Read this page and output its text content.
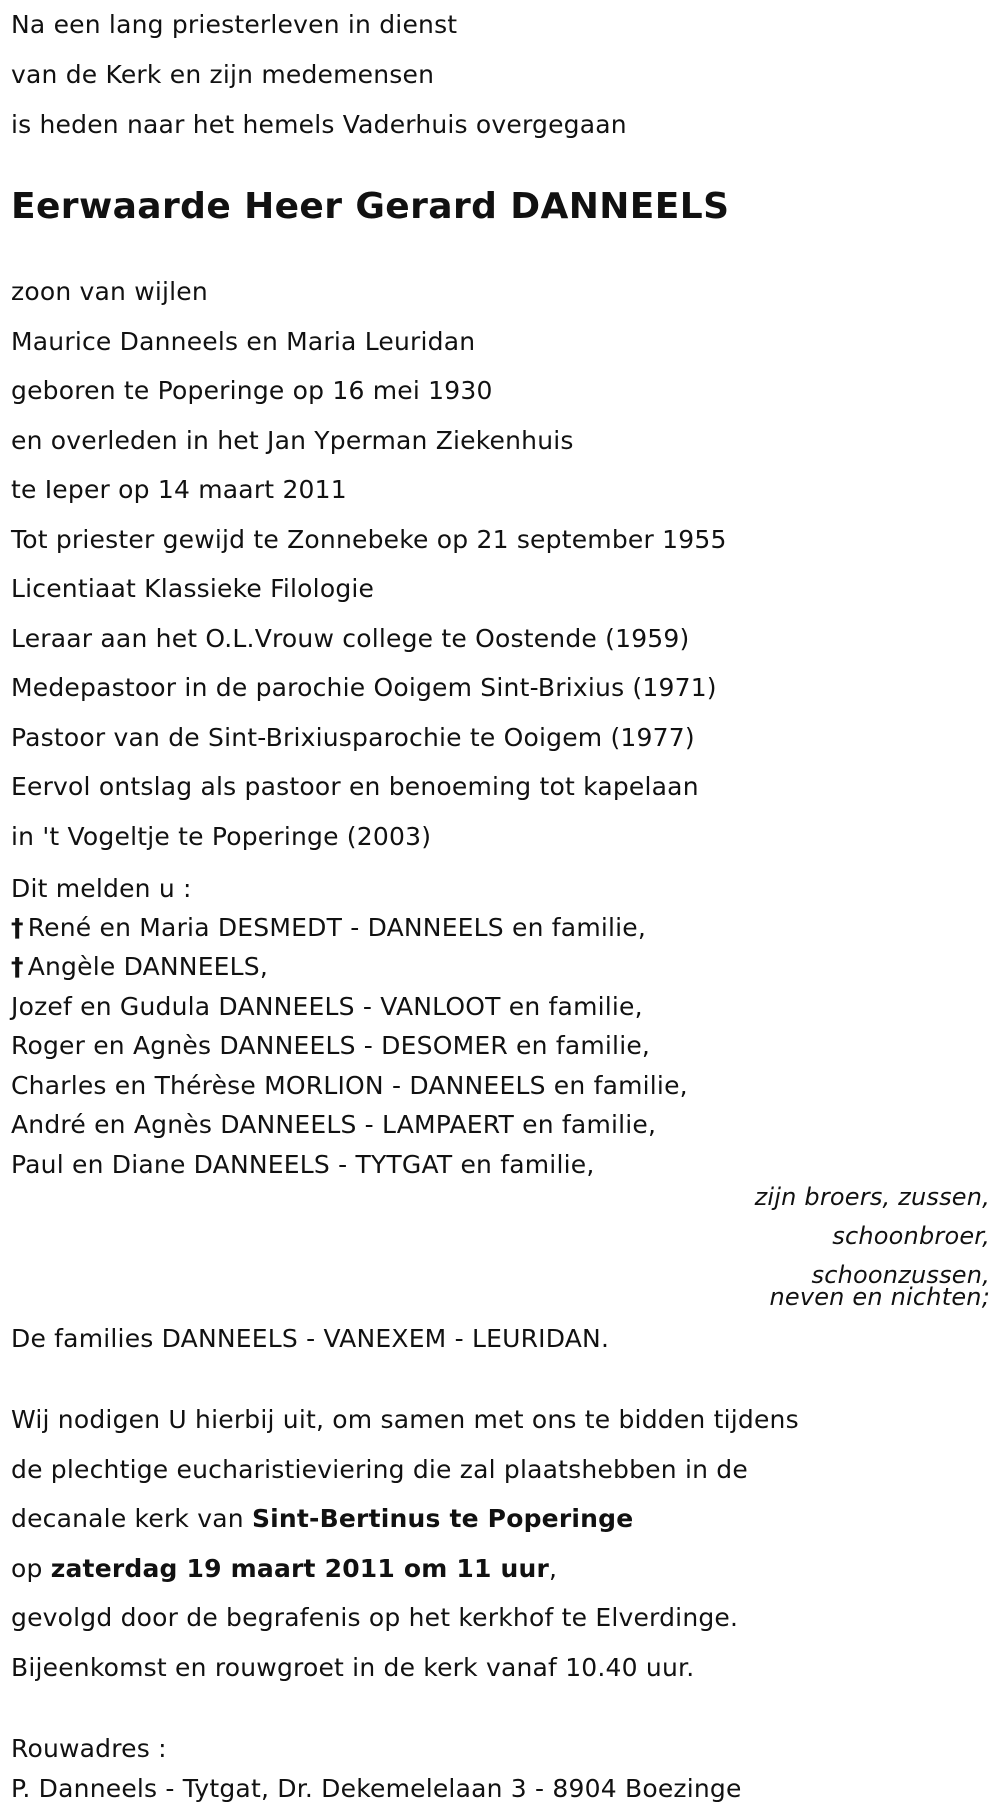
Na een lang priesterleven in dienst
van de Kerk en zijn medemensen
is heden naar het hemels Vaderhuis overgegaan
Eerwaarde Heer Gerard DANNEELS
zoon van wijlen
Maurice Danneels en Maria Leuridan
geboren te Poperinge op 16 mei 1930
en overleden in het Jan Yperman Ziekenhuis
te Ieper op 14 maart 2011
Tot priester gewijd te Zonnebeke op 21 september 1955
Licentiaat Klassieke Filologie
Leraar aan het O.L.Vrouw college te Oostende (1959)
Medepastoor in de parochie Ooigem Sint-Brixius (1971)
Pastoor van de Sint-Brixiusparochie te Ooigem (1977)
Eervol ontslag als pastoor en benoeming tot kapelaan
in 't Vogeltje te Poperinge (2003)
Dit melden u :
† René en Maria DESMEDT - DANNEELS en familie,
† Angèle DANNEELS,
Jozef en Gudula DANNEELS - VANLOOT en familie,
Roger en Agnès DANNEELS - DESOMER en familie,
Charles en Thérèse MORLION - DANNEELS en familie,
André en Agnès DANNEELS - LAMPAERT en familie,
Paul en Diane DANNEELS - TYTGAT en familie,
zijn broers, zussen,
schoonbroer,
schoonzussen,
neven en nichten;
De families DANNEELS - VANEXEM - LEURIDAN.
Wij nodigen U hierbij uit, om samen met ons te bidden tijdens
de plechtige eucharistieviering die zal plaatshebben in de
decanale kerk van Sint-Bertinus te Poperinge
op zaterdag 19 maart 2011 om 11 uur,
gevolgd door de begrafenis op het kerkhof te Elverdinge.
Bijeenkomst en rouwgroet in de kerk vanaf 10.40 uur.
Rouwadres :
P. Danneels - Tytgat, Dr. Dekemelelaan 3 - 8904 Boezinge
